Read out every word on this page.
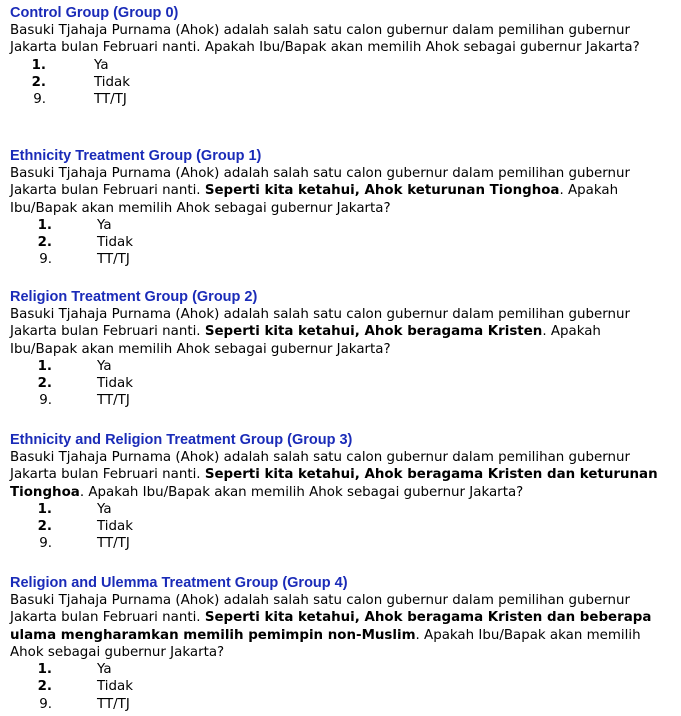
Control Group (Group 0)

Basuki Tjahaja Purnama (Ahok) adalah salah satu calon gubernur dalam pemilihan gubernur Jakarta bulan Februari nanti. Apakah Ibu/Bapak akan memilih Ahok sebagai gubernur Jakarta?

1.	Ya
2.	Tidak
9.	TT/TJ
Ethnicity Treatment Group (Group 1)

Basuki Tjahaja Purnama (Ahok) adalah salah satu calon gubernur dalam pemilihan gubernur Jakarta bulan Februari nanti. Seperti kita ketahui, Ahok keturunan Tionghoa. Apakah Ibu/Bapak akan memilih Ahok sebagai gubernur Jakarta?

1.	Ya
2.	Tidak
9.	TT/TJ
Religion Treatment Group (Group 2)

Basuki Tjahaja Purnama (Ahok) adalah salah satu calon gubernur dalam pemilihan gubernur Jakarta bulan Februari nanti. Seperti kita ketahui, Ahok beragama Kristen. Apakah Ibu/Bapak akan memilih Ahok sebagai gubernur Jakarta?

1.	Ya
2.	Tidak
9.	TT/TJ
Ethnicity and Religion Treatment Group (Group 3)

Basuki Tjahaja Purnama (Ahok) adalah salah satu calon gubernur dalam pemilihan gubernur Jakarta bulan Februari nanti. Seperti kita ketahui, Ahok beragama Kristen dan keturunan Tionghoa. Apakah Ibu/Bapak akan memilih Ahok sebagai gubernur Jakarta?

1.	Ya
2.	Tidak
9.	TT/TJ
Religion and Ulemma Treatment Group (Group 4)

Basuki Tjahaja Purnama (Ahok) adalah salah satu calon gubernur dalam pemilihan gubernur Jakarta bulan Februari nanti. Seperti kita ketahui, Ahok beragama Kristen dan beberapa ulama mengharamkan memilih pemimpin non-Muslim. Apakah Ibu/Bapak akan memilih Ahok sebagai gubernur Jakarta?

1.	Ya
2.	Tidak
9.	TT/TJ
